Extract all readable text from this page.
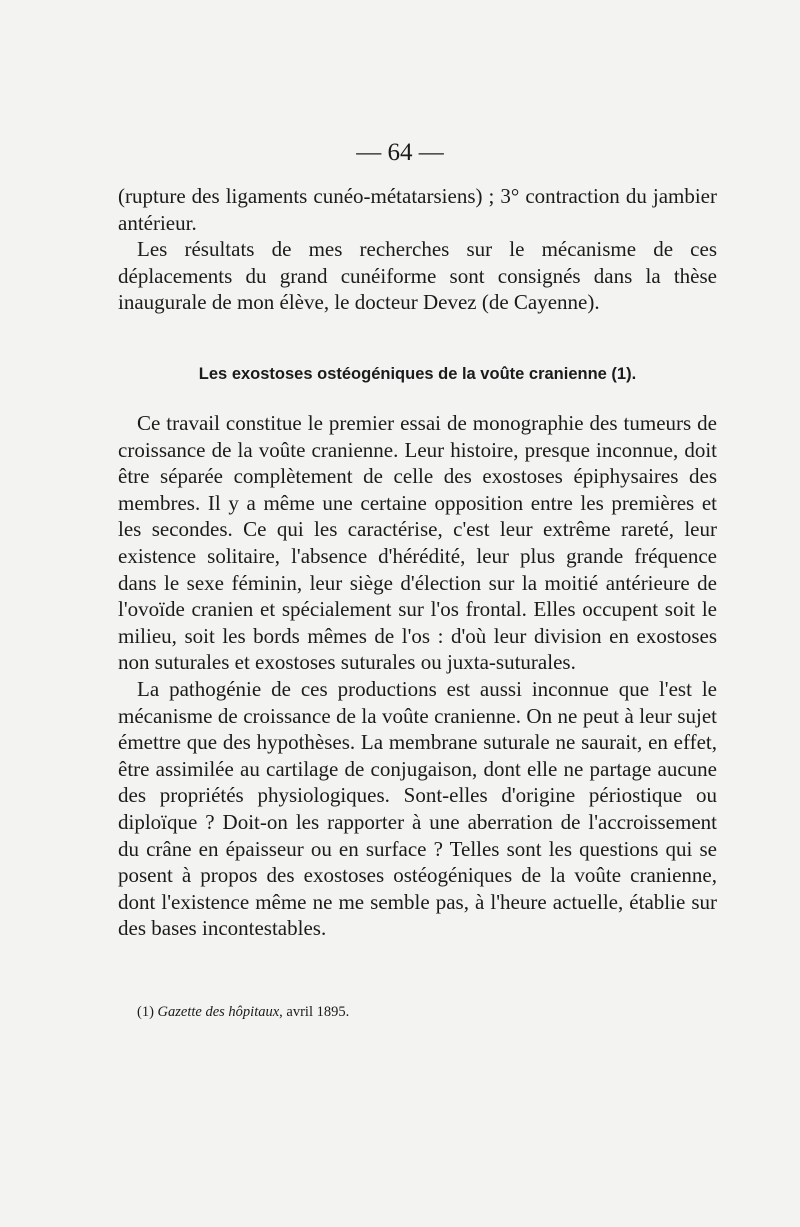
— 64 —

(rupture des ligaments cunéo-métatarsiens) ; 3° contraction du jambier antérieur.

Les résultats de mes recherches sur le mécanisme de ces déplacements du grand cunéiforme sont consignés dans la thèse inaugurale de mon élève, le docteur Devez (de Cayenne).

Les exostoses ostéogéniques de la voûte cranienne (1).

Ce travail constitue le premier essai de monographie des tumeurs de croissance de la voûte cranienne. Leur histoire, presque inconnue, doit être séparée complètement de celle des exostoses épiphysaires des membres. Il y a même une certaine opposition entre les premières et les secondes. Ce qui les caractérise, c'est leur extrême rareté, leur existence solitaire, l'absence d'hérédité, leur plus grande fréquence dans le sexe féminin, leur siège d'élection sur la moitié antérieure de l'ovoïde cranien et spécialement sur l'os frontal. Elles occupent soit le milieu, soit les bords mêmes de l'os : d'où leur division en exostoses non suturales et exostoses suturales ou juxta-suturales.

La pathogénie de ces productions est aussi inconnue que l'est le mécanisme de croissance de la voûte cranienne. On ne peut à leur sujet émettre que des hypothèses. La membrane suturale ne saurait, en effet, être assimilée au cartilage de conjugaison, dont elle ne partage aucune des propriétés physiologiques. Sont-elles d'origine périostique ou diploïque ? Doit-on les rapporter à une aberration de l'accroissement du crâne en épaisseur ou en surface ? Telles sont les questions qui se posent à propos des exostoses ostéogéniques de la voûte cranienne, dont l'existence même ne me semble pas, à l'heure actuelle, établie sur des bases incontestables.

(1) Gazette des hôpitaux, avril 1895.
